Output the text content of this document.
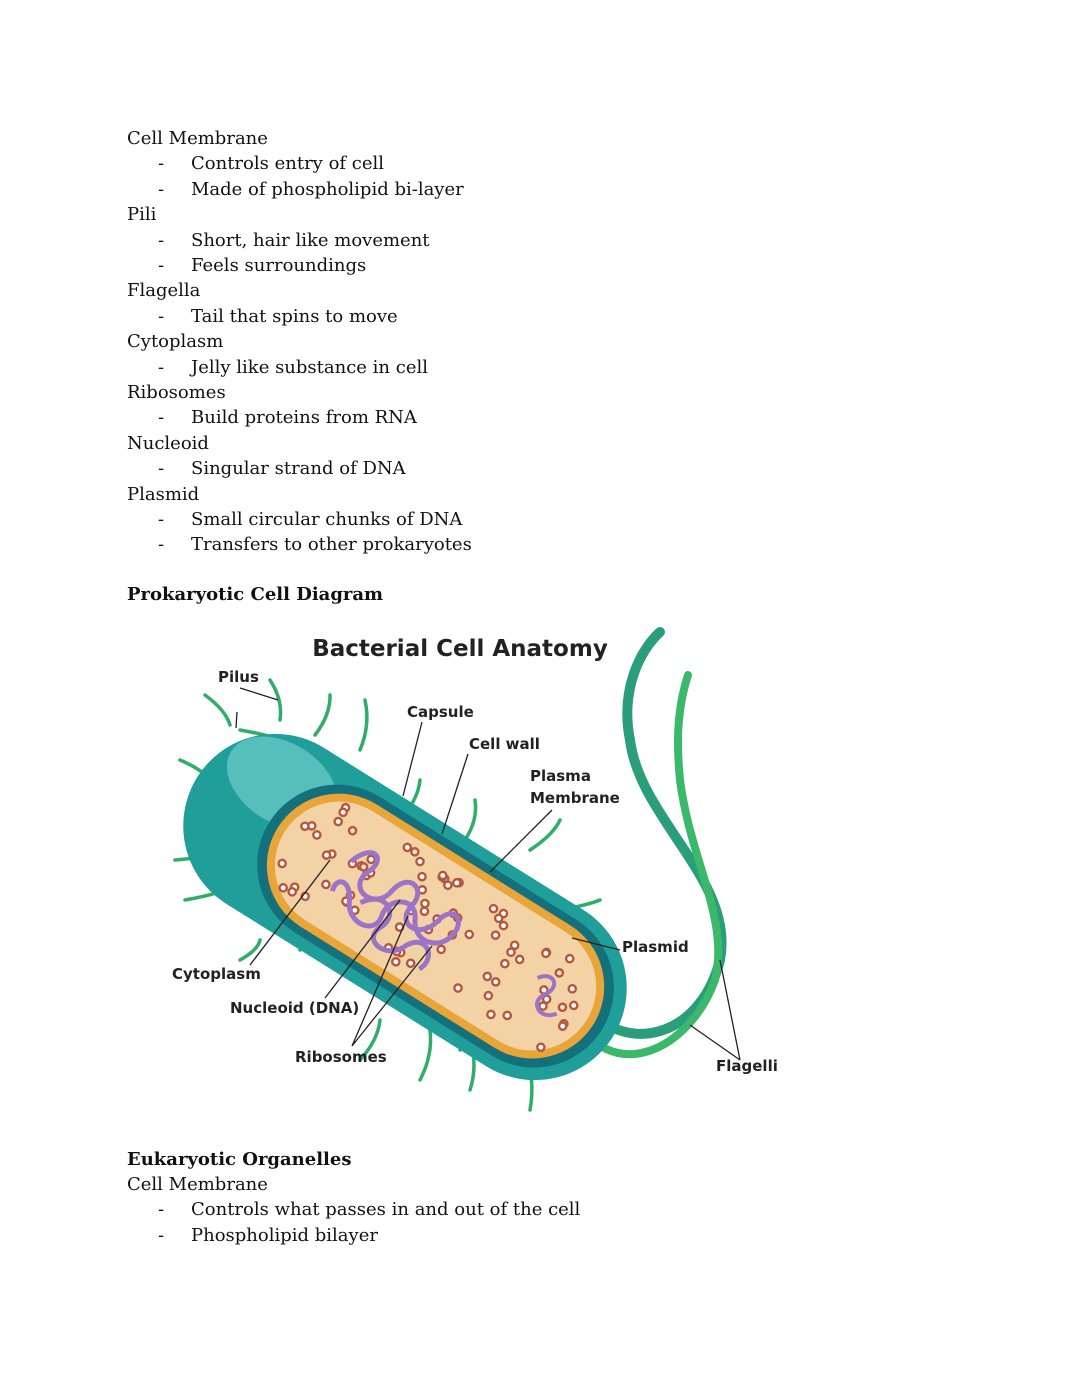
Cell Membrane
- Controls entry of cell
- Made of phospholipid bi-layer
Pili
- Short, hair like movement
- Feels surroundings
Flagella
- Tail that spins to move
Cytoplasm
- Jelly like substance in cell
Ribosomes
- Build proteins from RNA
Nucleoid
- Singular strand of DNA
Plasmid
- Small circular chunks of DNA
- Transfers to other prokaryotes
Prokaryotic Cell Diagram
Bacterial Cell Anatomy
Pilus
Capsule
Cell wall
Plasma
Membrane
Plasmid
Cytoplasm
Nucleoid (DNA)
Ribosomes	Flagelli
Eukaryotic Organelles
Cell Membrane
- Controls what passes in and out of the cell
- Phospholipid bilayer
